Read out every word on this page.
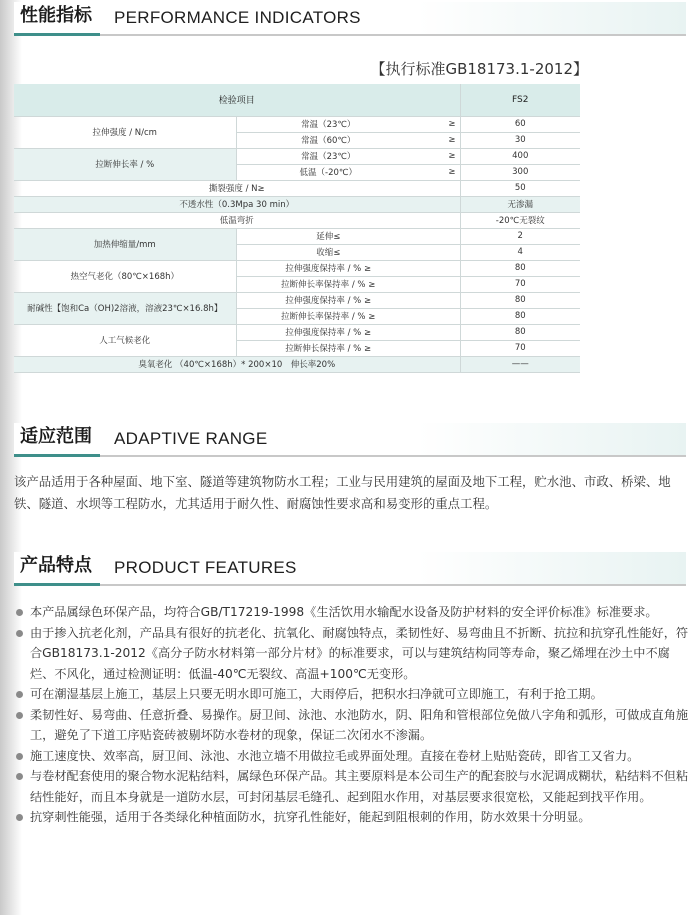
性能指标	PERFORMANCE INDICATORS
【执行标准GB18173.1-2012】
检验项目			FS2
拉伸强度 / N/cm	常温（23℃）	≥	60
	常温（60℃）	≥	30
拉断伸长率 / %	常温（23℃）	≥	400
	低温（-20℃）	≥	300
撕裂强度 / N≥			50
不透水性（0.3Mpa 30 min）			无渗漏
低温弯折			-20℃无裂纹
加热伸缩量/mm	延伸≤		2
	收缩≤		4
热空气老化（80℃×168h）	拉伸强度保持率 / % ≥		80
	拉断伸长率保持率 / % ≥		70
耐碱性【饱和Ca（OH)2溶液，溶液23℃×16.8h】	拉伸强度保持率 / % ≥		80
	拉断伸长率保持率 / % ≥		80
人工气候老化	拉伸强度保持率 / % ≥		80
	拉断伸长保持率 / % ≥		70
臭氧老化 （40℃×168h）* 200×10　伸长率20%			——
适应范围	ADAPTIVE RANGE

该产品适用于各种屋面、地下室、隧道等建筑物防水工程；工业与民用建筑的屋面及地下工程，贮水池、市政、桥梁、地铁、隧道、水坝等工程防水，尤其适用于耐久性、耐腐蚀性要求高和易变形的重点工程。

产品特点	PRODUCT FEATURES
本产品属绿色环保产品，均符合GB/T17219-1998《生活饮用水输配水设备及防护材料的安全评价标准》标准要求。
由于掺入抗老化剂，产品具有很好的抗老化、抗氧化、耐腐蚀特点，柔韧性好、易弯曲且不折断、抗拉和抗穿孔性能好，符合GB18173.1-2012《高分子防水材料第一部分片材》的标准要求，可以与建筑结构同等寿命，聚乙烯埋在沙土中不腐烂、不风化，通过检测证明：低温-40℃无裂纹、高温+100℃无变形。
可在潮湿基层上施工，基层上只要无明水即可施工，大雨停后，把积水扫净就可立即施工，有利于抢工期。
柔韧性好、易弯曲、任意折叠、易操作。厨卫间、泳池、水池防水，阴、阳角和管根部位免做八字角和弧形，可做成直角施工，避免了下道工序贴瓷砖被剔坏防水卷材的现象，保证二次闭水不渗漏。
施工速度快、效率高，厨卫间、泳池、水池立墙不用做拉毛或界面处理。直接在卷材上贴贴瓷砖，即省工又省力。
与卷材配套使用的聚合物水泥粘结料，属绿色环保产品。其主要原料是本公司生产的配套胶与水泥调成糊状，粘结料不但粘结性能好，而且本身就是一道防水层，可封闭基层毛缝孔、起到阻水作用，对基层要求很宽松，又能起到找平作用。
抗穿刺性能强，适用于各类绿化种植面防水，抗穿孔性能好，能起到阻根刺的作用，防水效果十分明显。
